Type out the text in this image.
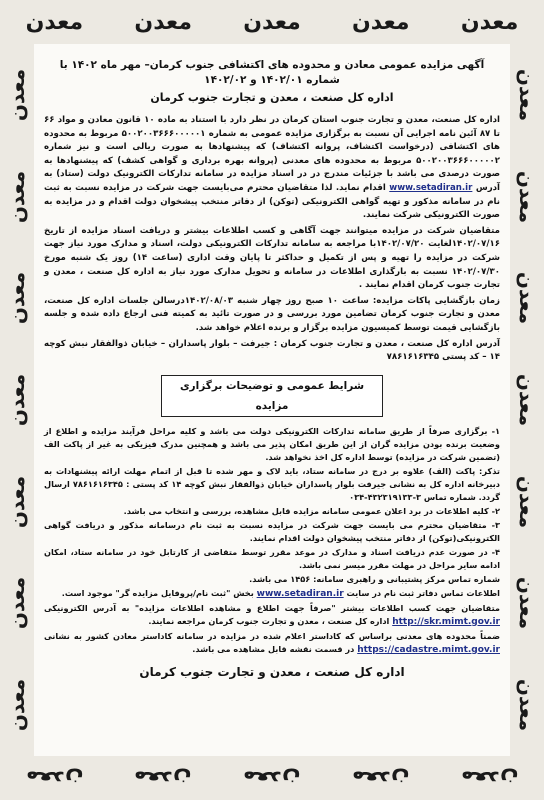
معدن معدن معدن معدن معدن
معدن معدن معدن معدن معدن
معدن
معدن
معدن
معدن
معدن
معدن
معدن
معدن
معدن
معدن
معدن
معدن
معدن
معدن
آگهی مزایده عمومی معادن و محدوده های اکتشافی جنوب کرمان– مهر ماه ۱۴۰۲ با شماره ۱۴۰۲/۰۱ و ۱۴۰۲/۰۲
اداره کل صنعت ، معدن و تجارت جنوب کرمان

اداره کل صنعت، معدن و تجارت جنوب استان کرمان در نظر دارد با استناد به ماده ۱۰ قانون معادن و مواد ۶۶ تا ۸۷ آئین نامه اجرایی آن نسبت به برگزاری مزایده عمومی به شماره ۵۰۰۲۰۰۳۶۶۶۰۰۰۰۰۱ مربوط به محدوده های اکتشافی (درخواست اکتشاف، پروانه اکتشاف) که پیشنهادها به صورت ریالی است و نیز شماره ۵۰۰۲۰۰۳۶۶۶۰۰۰۰۰۲ مربوط به محدوده های معدنی (پروانه بهره برداری و گواهی کشف) که پیشنهادها به صورت درصدی می باشد با جزئیات مندرج در در اسناد مزایده در سامانه تدارکات الکترونیک دولت (ستاد) به آدرس www.setadiran.ir اقدام نماید. لذا متقاضیان محترم می‌بایست جهت شرکت در مزایده نسبت به ثبت نام در سامانه مذکور و تهیه گواهی الکترونیکی (توکن) از دفاتر منتخب پیشخوان دولت اقدام و در مزایده به صورت الکترونیکی شرکت نمایند.

متقاضیان شرکت در مزایده میتوانند جهت آگاهی و کسب اطلاعات بیشتر و دریافت اسناد مزایده از تاریخ ۱۴۰۲/۰۷/۱۶لغایت ۱۴۰۲/۰۷/۲۰با مراجعه به سامانه تدارکات الکترونیکی دولت، اسناد و مدارک مورد نیاز جهت شرکت در مزایده را تهیه و پس از تکمیل و حداکثر تا پایان وقت اداری (ساعت ۱۴) روز یک شنبه مورخ ۱۴۰۲/۰۷/۳۰ نسبت به بارگذاری اطلاعات در سامانه و تحویل مدارک مورد نیاز به اداره کل صنعت ، معدن و تجارت جنوب کرمان اقدام نمایند .

زمان بازگشایی پاکات مزایده: ساعت ۱۰ صبح روز چهار شنبه ۱۴۰۲/۰۸/۰۳درسالن جلسات اداره کل صنعت، معدن و تجارت جنوب کرمان تضامین مورد بررسی و در صورت تائید به کمیته فنی ارجاع داده شده و جلسه بازگشایی قیمت توسط کمیسیون مزایده برگزار و برنده اعلام خواهد شد.

آدرس اداره کل صنعت ، معدن و تجارت جنوب کرمان : جیرفت – بلوار پاسداران – خیابان ذوالفقار نبش کوچه ۱۴ – کد پستی ۷۸۶۱۶۱۶۳۴۵

شرایط عمومی و توضیحات برگزاری مزایده

۱- برگزاری صرفاً از طریق سامانه تدارکات الکترونیکی دولت می باشد و کلیه مراحل فرآیند مزایده و اطلاع از وضعیت برنده بودن مزایده گران از این طریق امکان پذیر می باشد و همچنین مدرک فیزیکی به غیر از پاکت الف (تضمین شرکت در مزایده) توسط اداره کل اخذ نخواهد شد.

تذکر: پاکت (الف) علاوه بر درج در سامانه ستاد، باید لاک و مهر شده تا قبل از اتمام مهلت ارائه پیشنهادات به دبیرخانه اداره کل به نشانی جیرفت بلوار پاسداران خیابان ذوالفقار نبش کوچه ۱۴ کد پستی : ۷۸۶۱۶۱۶۳۴۵ ارسال گردد. شماره تماس ۳-۴۳۲۳۱۹۱۳۳-۰۳۴

۲- کلیه اطلاعات در برد اعلان عمومی سامانه مزایده قابل مشاهده، بررسی و انتخاب می باشد.

۳- متقاضیان محترم می بایست جهت شرکت در مزایده نسبت به ثبت نام درسامانه مذکور و دریافت گواهی الکترونیکی(توکن) از دفاتر منتخب پیشخوان دولت اقدام نمایند.

۴- در صورت عدم دریافت اسناد و مدارک در موعد مقرر توسط متقاضی از کارتابل خود در سامانه ستاد، امکان ادامه سایر مراحل در مهلت مقرر میسر نمی باشد.

شماره تماس مرکز پشتیبانی و راهبری سامانه: ۱۴۵۶ می باشد.

اطلاعات تماس دفاتر ثبت نام در سایت www.setadiran.ir بخش "ثبت نام/پروفایل مزایده گر" موجود است.

متقاضیان جهت کسب اطلاعات بیشتر "صرفاً جهت اطلاع و مشاهده اطلاعات مزایده" به آدرس الکترونیکی http://skr.mimt.gov.ir اداره کل صنعت ، معدن و تجارت جنوب کرمان مراجعه نمایند.

ضمناً محدوده های معدنی براساس که کاداستر اعلام شده در مزایده در سامانه کاداستر معادن کشور به نشانی https://cadastre.mimt.gov.ir در قسمت نقشه قابل مشاهده می باشد.

اداره کل صنعت ، معدن و تجارت جنوب کرمان
